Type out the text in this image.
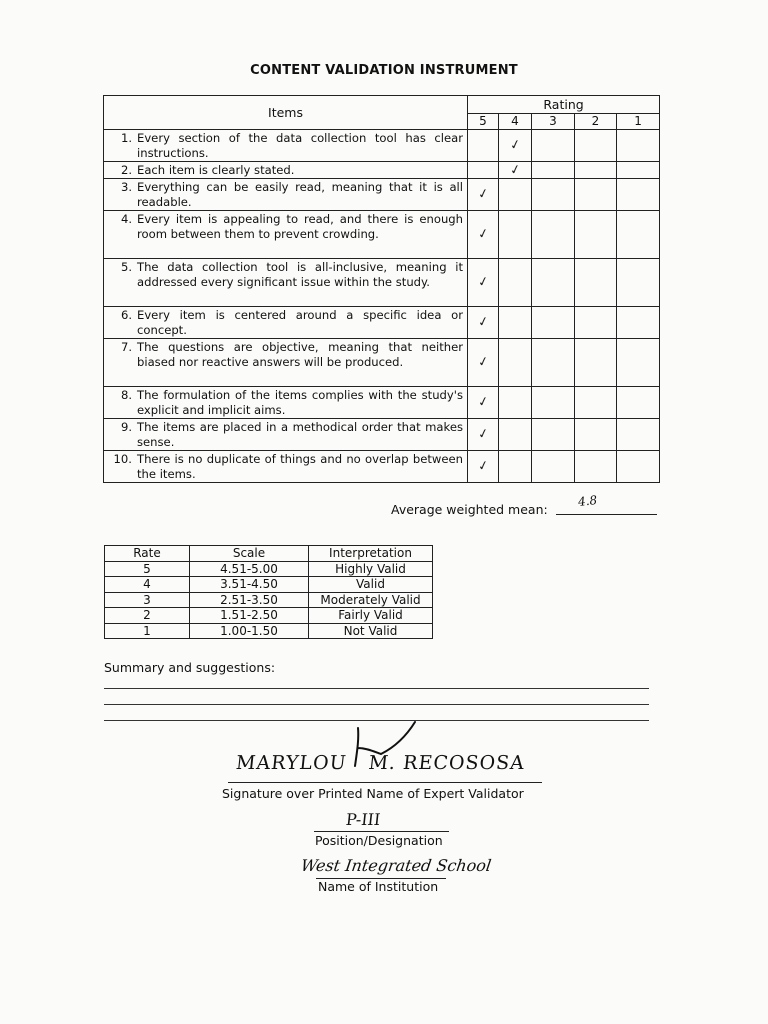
CONTENT VALIDATION INSTRUMENT
Items	Rating				
	5	4	3	2	1

1. Every section of the data collection tool has clear instructions.		✓			

2. Each item is clearly stated.		✓			

3. Everything can be easily read, meaning that it is all readable.	✓				

4. Every item is appealing to read, and there is enough room between them to prevent crowding.	✓				

5. The data collection tool is all-inclusive, meaning it addressed every significant issue within the study.	✓				

6. Every item is centered around a specific idea or concept.	✓				

7. The questions are objective, meaning that neither biased nor reactive answers will be produced.	✓				

8. The formulation of the items complies with the study's explicit and implicit aims.	✓				

9. The items are placed in a methodical order that makes sense.	✓				

10. There is no duplicate of things and no overlap between the items.	✓				
Average weighted mean:
4.8
Rate	Scale	Interpretation
5	4.51-5.00	Highly Valid
4	3.51-4.50	Valid
3	2.51-3.50	Moderately Valid
2	1.51-2.50	Fairly Valid
1	1.00-1.50	Not Valid
Summary and suggestions:
MARYLOU M. RECOSOSA
Signature over Printed Name of Expert Validator
P-III
Position/Designation
West Integrated School
Name of Institution
